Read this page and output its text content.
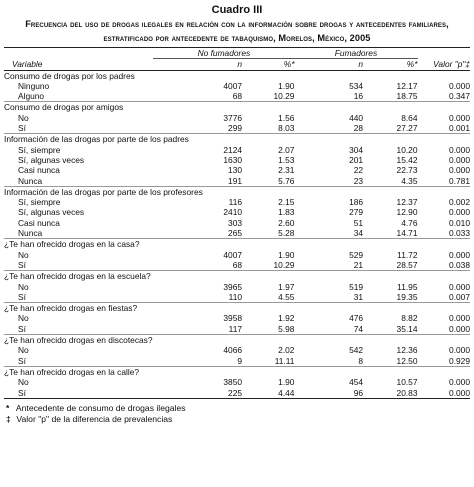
Cuadro III
Frecuencia del uso de drogas ilegales en relación con la información sobre drogas y antecedentes familiares, estratificado por antecedente de tabaquismo, Morelos, México, 2005

	No fumadores		Fumadores		
Variable	n	%*	n	%*	Valor "p"‡
Consumo de drogas por los padres					
Ninguno	4007	1.90	534	12.17	0.000
Alguno	68	10.29	16	18.75	0.347
Consumo de drogas por amigos					
No	3776	1.56	440	8.64	0.000
Sí	299	8.03	28	27.27	0.001
Información de las drogas por parte de los padres					
Sí, siempre	2124	2.07	304	10.20	0.000
Sí, algunas veces	1630	1.53	201	15.42	0.000
Casi nunca	130	2.31	22	22.73	0.000
Nunca	191	5.76	23	4.35	0.781
Información de las drogas por parte de los profesores					
Sí, siempre	116	2.15	186	12.37	0.002
Sí, algunas veces	2410	1.83	279	12.90	0.000
Casi nunca	303	2.60	51	4.76	0.010
Nunca	265	5.28	34	14.71	0.033
¿Te han ofrecido drogas en la casa?					
No	4007	1.90	529	11.72	0.000
Sí	68	10.29	21	28.57	0.038
¿Te han ofrecido drogas en la escuela?					
No	3965	1.97	519	11.95	0.000
Sí	110	4.55	31	19.35	0.007
¿Te han ofrecido drogas en fiestas?					
No	3958	1.92	476	8.82	0.000
Sí	117	5.98	74	35.14	0.000
¿Te han ofrecido drogas en discotecas?					
No	4066	2.02	542	12.36	0.000
Sí	9	11.11	8	12.50	0.929
¿Te han ofrecido drogas en la calle?					
No	3850	1.90	454	10.57	0.000
Sí	225	4.44	96	20.83	0.000
* Antecedente de consumo de drogas ilegales
‡ Valor "p" de la diferencia de prevalencias
